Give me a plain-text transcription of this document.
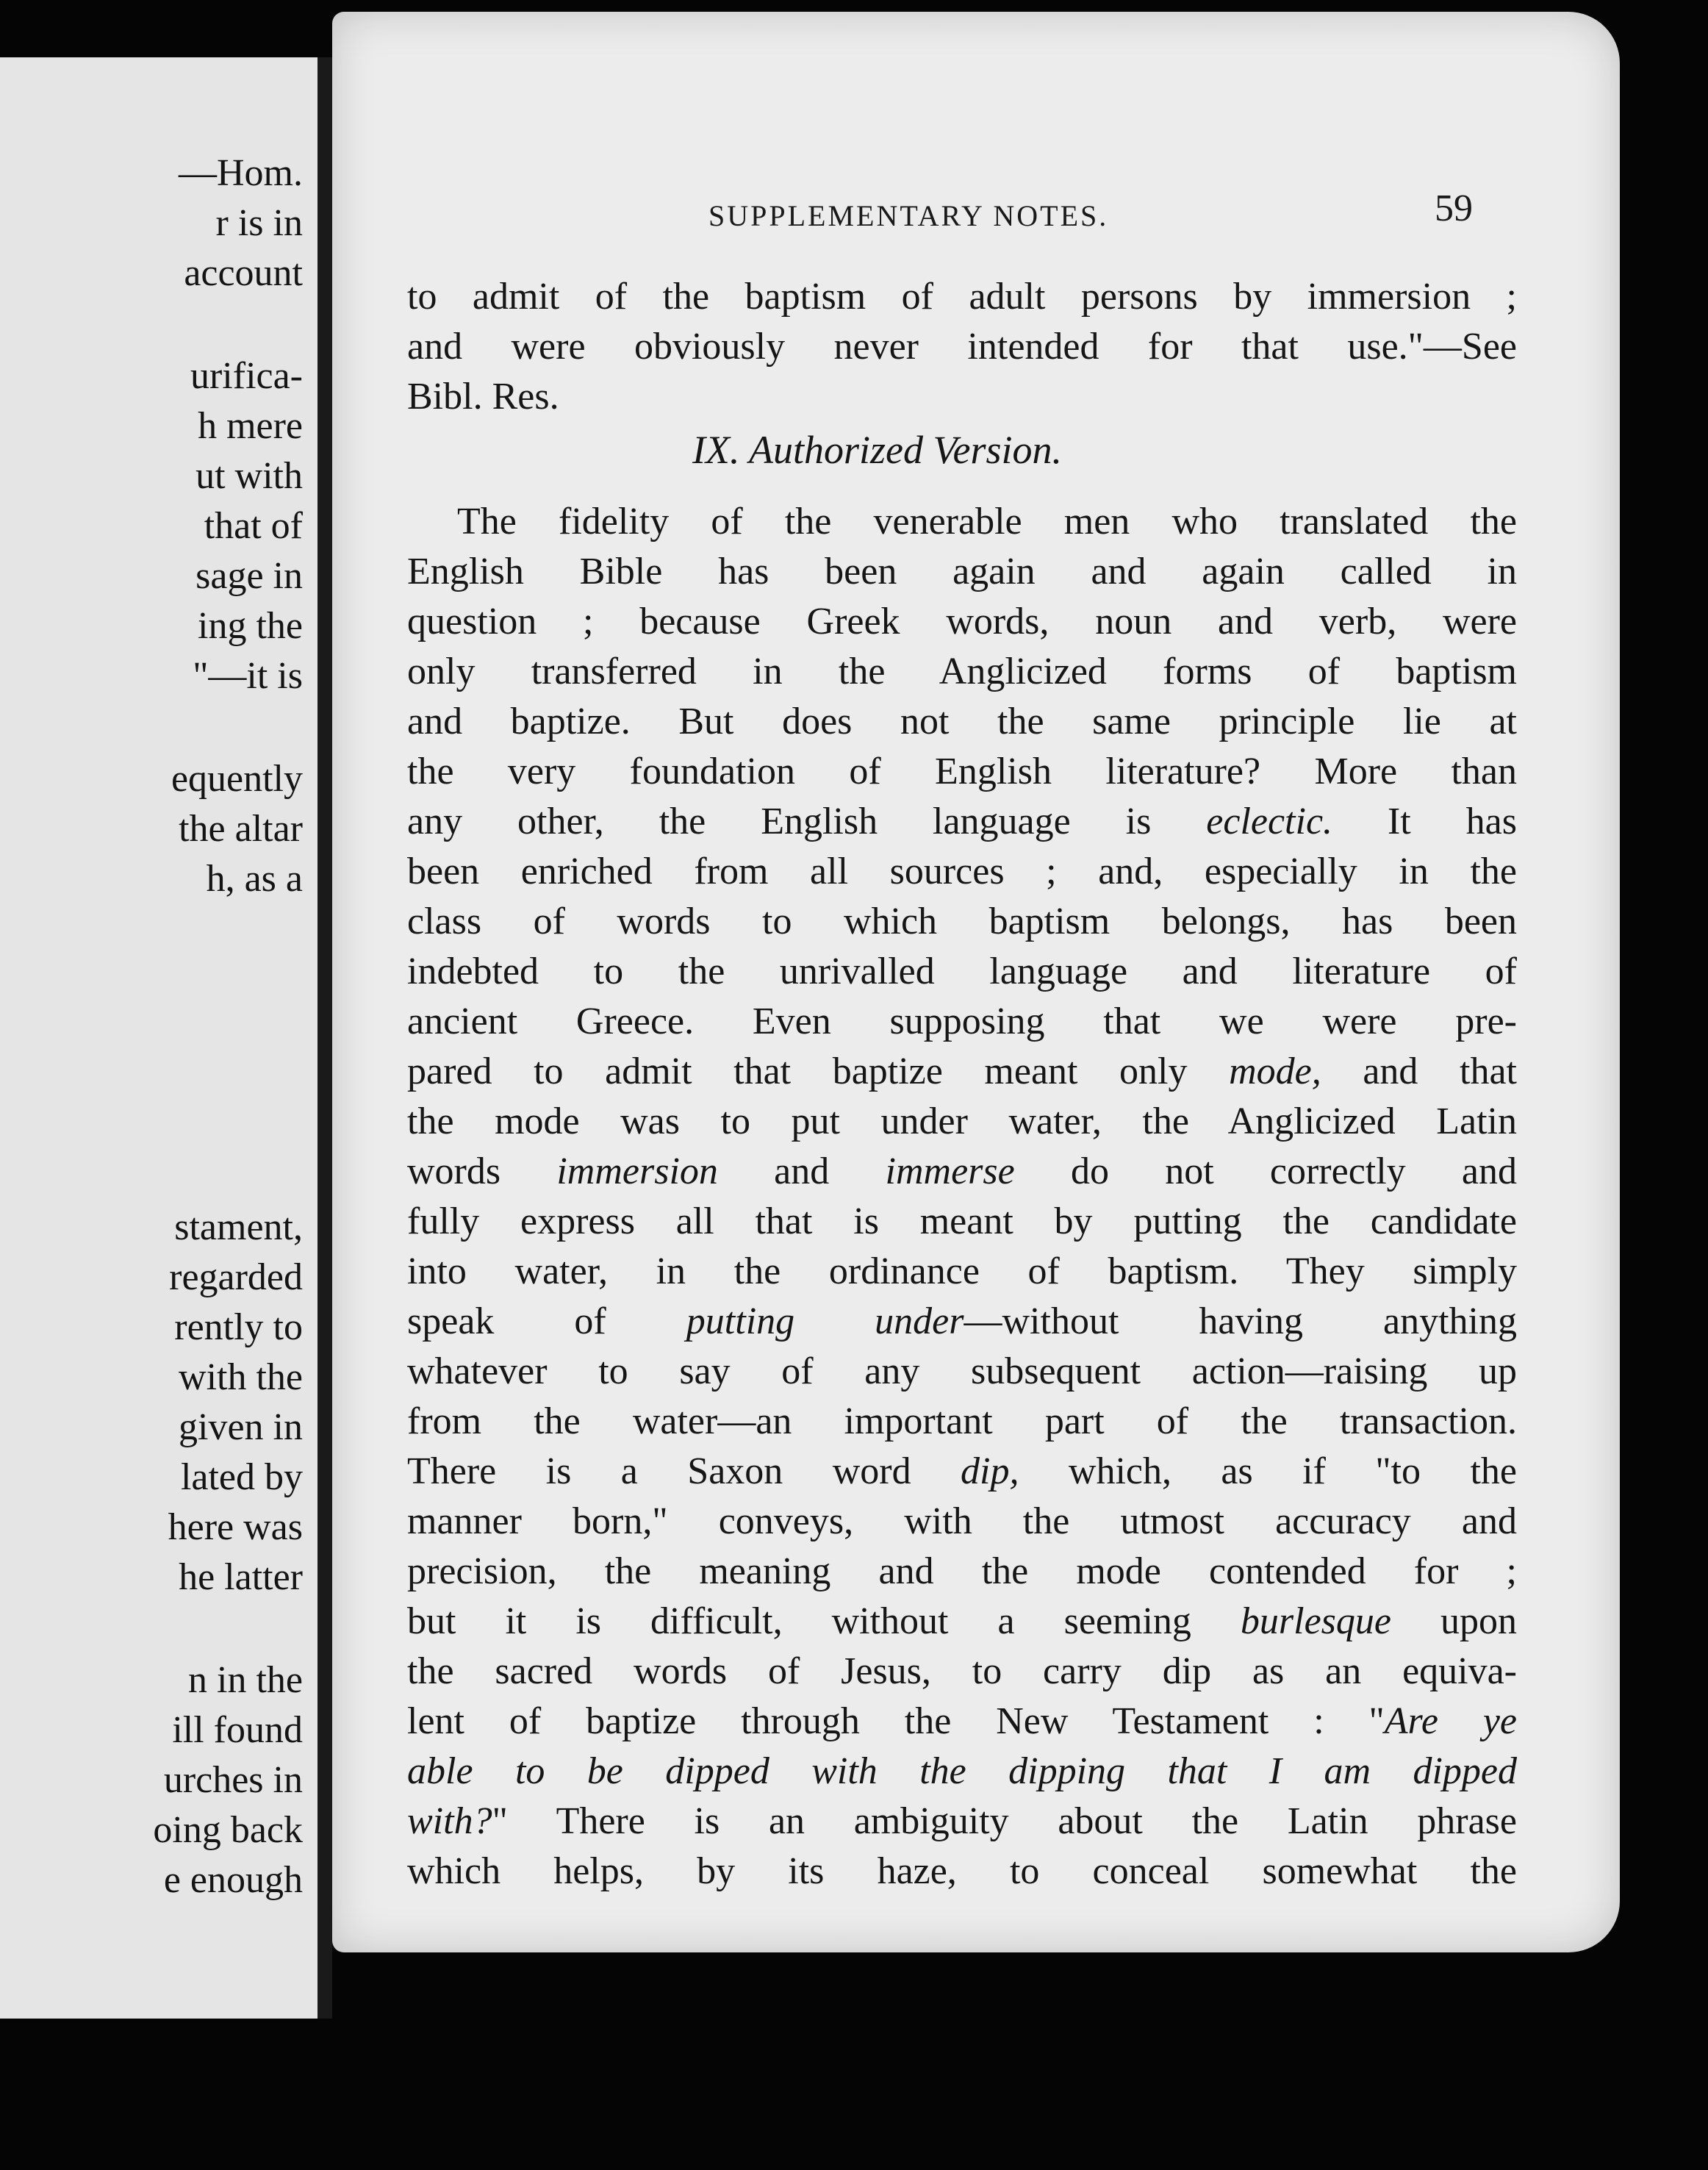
—Hom.
r is in
account
urifica-
h mere
ut with
that of
sage in
ing the
"—it is
equently
the altar
h, as a
stament,
regarded
rently to
with the
given in
lated by
here was
he latter
n in the
ill found
urches in
oing back
e enough
SUPPLEMENTARY NOTES.	59
to admit of the baptism of adult persons by immersion ;
and were obviously never intended for that use."—See
Bibl. Res.
IX. Authorized Version.
The fidelity of the venerable men who translated the
English Bible has been again and again called in
question ; because Greek words, noun and verb, were
only transferred in the Anglicized forms of baptism
and baptize. But does not the same principle lie at
the very foundation of English literature? More than
any other, the English language is eclectic. It has
been enriched from all sources ; and, especially in the
class of words to which baptism belongs, has been
indebted to the unrivalled language and literature of
ancient Greece. Even supposing that we were pre-
pared to admit that baptize meant only mode, and that
the mode was to put under water, the Anglicized Latin
words immersion and immerse do not correctly and
fully express all that is meant by putting the candidate
into water, in the ordinance of baptism. They simply
speak of putting under—without having anything
whatever to say of any subsequent action—raising up
from the water—an important part of the transaction.
There is a Saxon word dip, which, as if "to the
manner born," conveys, with the utmost accuracy and
precision, the meaning and the mode contended for ;
but it is difficult, without a seeming burlesque upon
the sacred words of Jesus, to carry dip as an equiva-
lent of baptize through the New Testament : "Are ye
able to be dipped with the dipping that I am dipped
with?" There is an ambiguity about the Latin phrase
which helps, by its haze, to conceal somewhat the
